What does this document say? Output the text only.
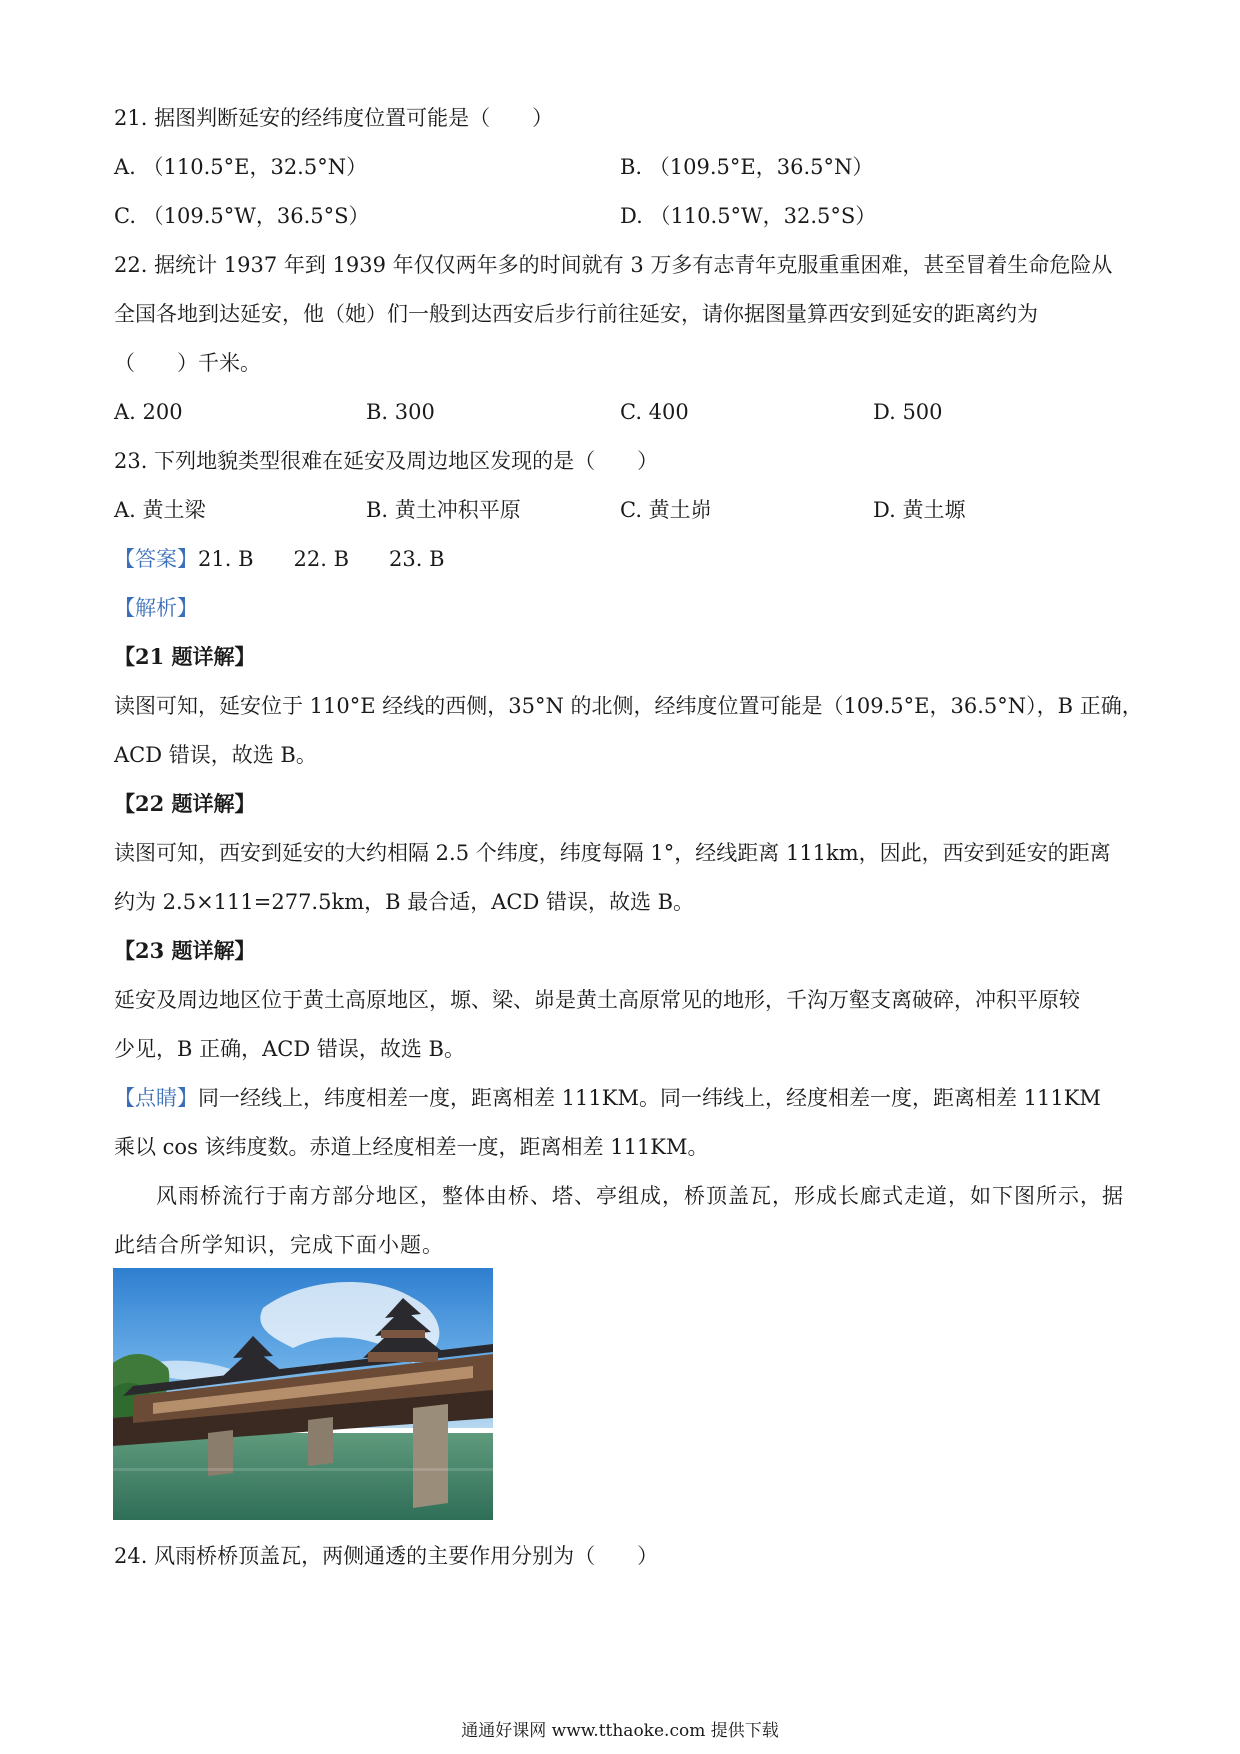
21. 据图判断延安的经纬度位置可能是（　　）
A. （110.5°E，32.5°N）	B. （109.5°E，36.5°N）
C. （109.5°W，36.5°S）	D. （110.5°W，32.5°S）
22. 据统计 1937 年到 1939 年仅仅两年多的时间就有 3 万多有志青年克服重重困难，甚至冒着生命危险从
全国各地到达延安，他（她）们一般到达西安后步行前往延安，请你据图量算西安到延安的距离约为
（　　）千米。
A. 200	B. 300	C. 400	D. 500
23. 下列地貌类型很难在延安及周边地区发现的是（　　）
A. 黄土梁	B. 黄土冲积平原	C. 黄土峁	D. 黄土塬
【答案】21. B 22. B 23. B
【解析】
【21 题详解】
读图可知，延安位于 110°E 经线的西侧，35°N 的北侧，经纬度位置可能是（109.5°E，36.5°N），B 正确，
ACD 错误，故选 B。
【22 题详解】
读图可知，西安到延安的大约相隔 2.5 个纬度，纬度每隔 1°，经线距离 111km，因此，西安到延安的距离
约为 2.5×111=277.5km，B 最合适，ACD 错误，故选 B。
【23 题详解】
延安及周边地区位于黄土高原地区，塬、梁、峁是黄土高原常见的地形，千沟万壑支离破碎，冲积平原较
少见，B 正确，ACD 错误，故选 B。
【点睛】同一经线上，纬度相差一度，距离相差 111KM。同一纬线上，经度相差一度，距离相差 111KM
乘以 cos 该纬度数。赤道上经度相差一度，距离相差 111KM。
风雨桥流行于南方部分地区，整体由桥、塔、亭组成，桥顶盖瓦，形成长廊式走道，如下图所示，据
此结合所学知识，完成下面小题。
24. 风雨桥桥顶盖瓦，两侧通透的主要作用分别为（　　）
通通好课网 www.tthaoke.com 提供下载
